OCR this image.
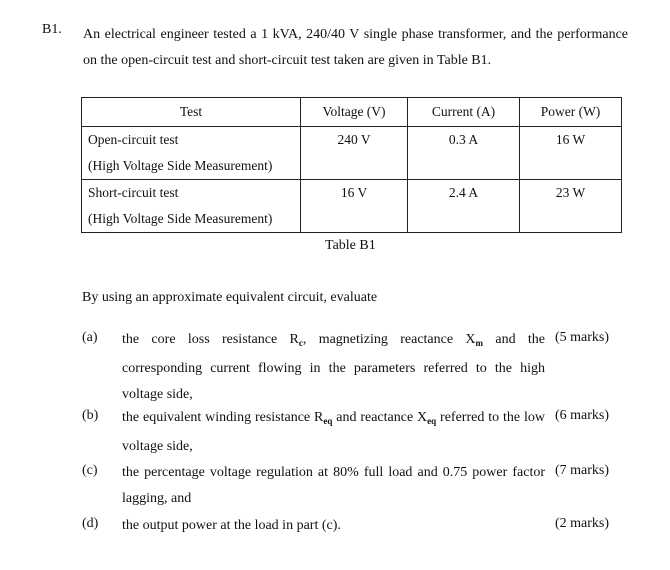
B1. An electrical engineer tested a 1 kVA, 240/40 V single phase transformer, and the performance on the open-circuit test and short-circuit test taken are given in Table B1.
Test	Voltage (V)	Current (A)	Power (W)

Open-circuit test
(High Voltage Side Measurement)	240 V	0.3 A	16 W

Short-circuit test
(High Voltage Side Measurement)	16 V	2.4 A	23 W
Table B1
By using an approximate equivalent circuit, evaluate
(a) the core loss resistance $R_c$, magnetizing reactance $X_m$ and the corresponding current flowing in the parameters referred to the high voltage side,
(5 marks)
(b) the equivalent winding resistance $R_{eq}$ and reactance $X_{eq}$ referred to the low voltage side,
(6 marks)
(c) the percentage voltage regulation at 80% full load and 0.75 power factor lagging, and
(7 marks)
(d) the output power at the load in part (c).	(2 marks)
